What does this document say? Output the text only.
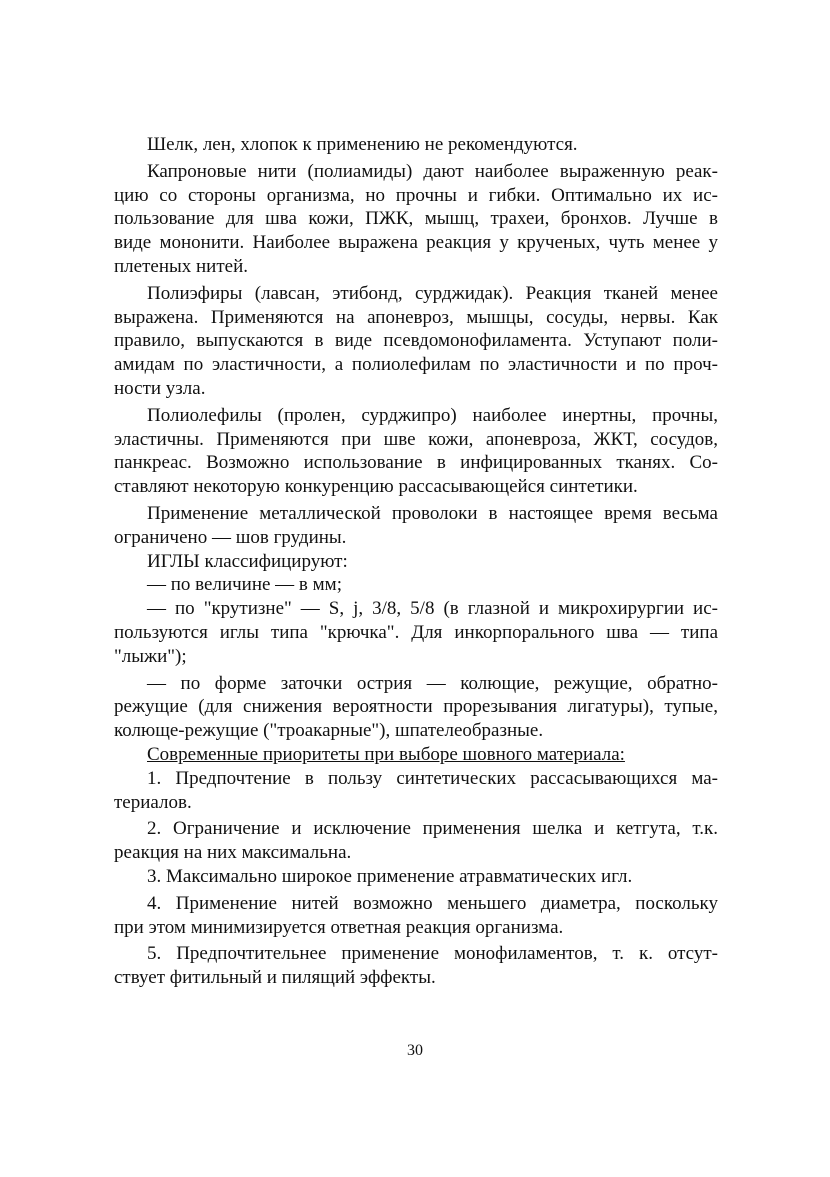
Шелк, лен, хлопок к применению не рекомендуются.
Капроновые нити (полиамиды) дают наиболее выраженную реак-
цию со стороны организма, но прочны и гибки. Оптимально их ис-
пользование для шва кожи, ПЖК, мышц, трахеи, бронхов. Лучше в
виде мононити. Наиболее выражена реакция у крученых, чуть менее у
плетеных нитей.
Полиэфиры (лавсан, этибонд, сурджидак). Реакция тканей менее
выражена. Применяются на апоневроз, мышцы, сосуды, нервы. Как
правило, выпускаются в виде псевдомонофиламента. Уступают поли-
амидам по эластичности, а полиолефилам по эластичности и по проч-
ности узла.
Полиолефилы (пролен, сурджипро) наиболее инертны, прочны,
эластичны. Применяются при шве кожи, апоневроза, ЖКТ, сосудов,
панкреас. Возможно использование в инфицированных тканях. Со-
ставляют некоторую конкуренцию рассасывающейся синтетики.
Применение металлической проволоки в настоящее время весьма
ограничено — шов грудины.
ИГЛЫ классифицируют:
— по величине — в мм;
— по "крутизне" — S, j, 3/8, 5/8 (в глазной и микрохирургии ис-
пользуются иглы типа "крючка". Для инкорпорального шва — типа
"лыжи");
— по форме заточки острия — колющие, режущие, обратно-
режущие (для снижения вероятности прорезывания лигатуры), тупые,
колюще-режущие ("троакарные"), шпателеобразные.
Современные приоритеты при выборе шовного материала:
1. Предпочтение в пользу синтетических рассасывающихся ма-
териалов.
2. Ограничение и исключение применения шелка и кетгута, т.к.
реакция на них максимальна.
3. Максимально широкое применение атравматических игл.
4. Применение нитей возможно меньшего диаметра, поскольку
при этом минимизируется ответная реакция организма.
5. Предпочтительнее применение монофиламентов, т. к. отсут-
ствует фитильный и пилящий эффекты.
30
